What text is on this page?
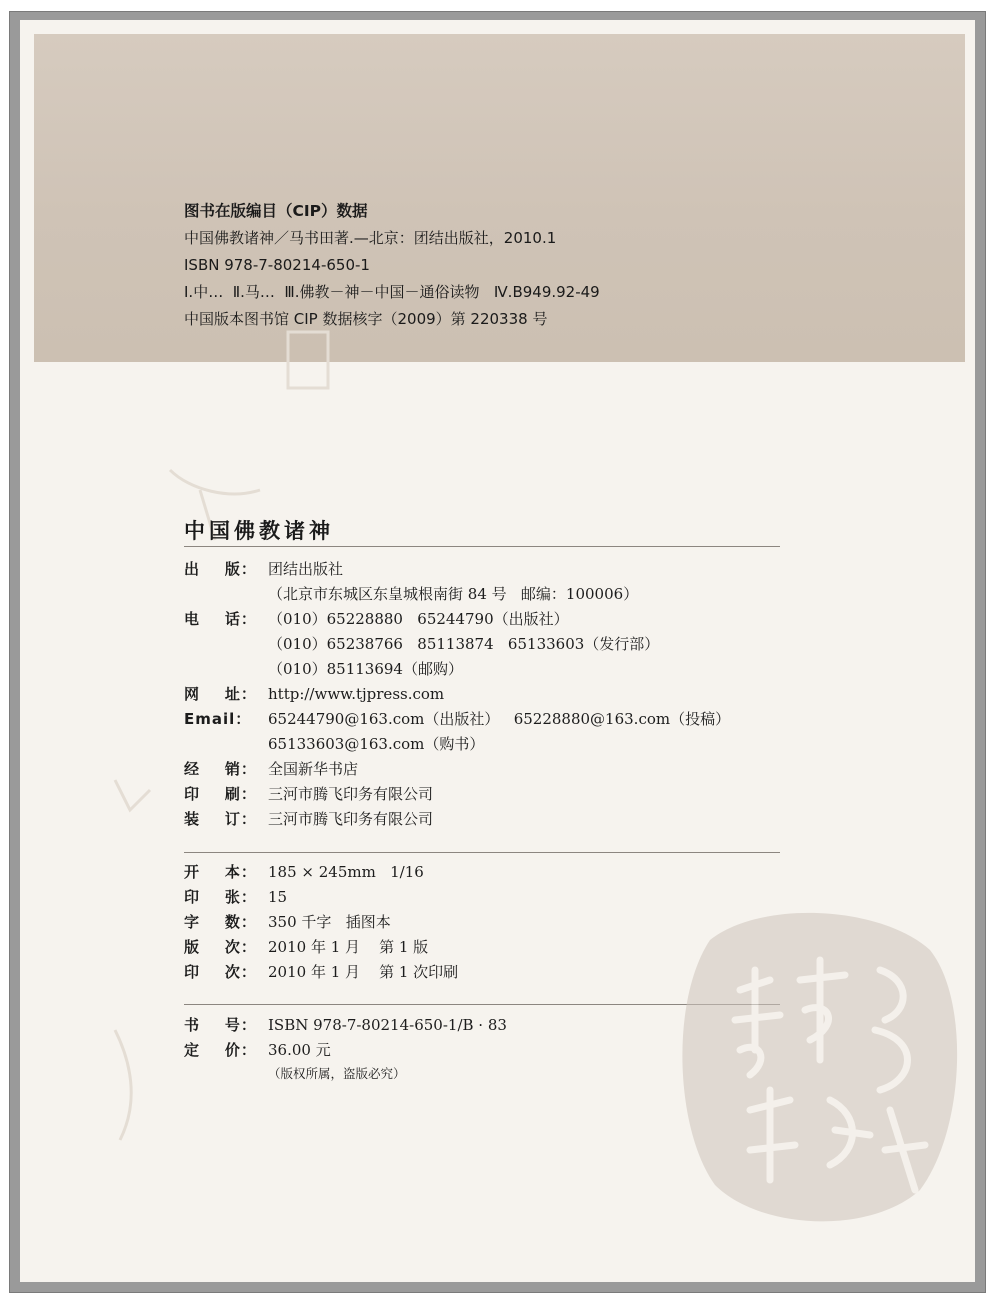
图书在版编目（CIP）数据
中国佛教诸神／马书田著.—北京：团结出版社，2010.1
ISBN 978-7-80214-650-1
Ⅰ.中…  Ⅱ.马…  Ⅲ.佛教－神－中国－通俗读物   Ⅳ.B949.92-49
中国版本图书馆 CIP 数据核字（2009）第 220338 号
中国佛教诸神
出    版： 团结出版社
（北京市东城区东皇城根南街 84 号   邮编：100006）
电    话： （010）65228880   65244790（出版社）
（010）65238766   85113874   65133603（发行部）
（010）85113694（邮购）
网    址： http://www.tjpress.com
Email：	65244790@163.com（出版社）   65228880@163.com（投稿）
65133603@163.com（购书）
经    销： 全国新华书店
印    刷： 三河市腾飞印务有限公司
装    订： 三河市腾飞印务有限公司
开    本： 185 × 245mm   1/16
印    张： 15
字    数： 350 千字   插图本
版    次： 2010 年 1 月    第 1 版
印    次： 2010 年 1 月    第 1 次印刷
书    号： ISBN 978-7-80214-650-1/B · 83
定    价： 36.00 元
（版权所属，盗版必究）
